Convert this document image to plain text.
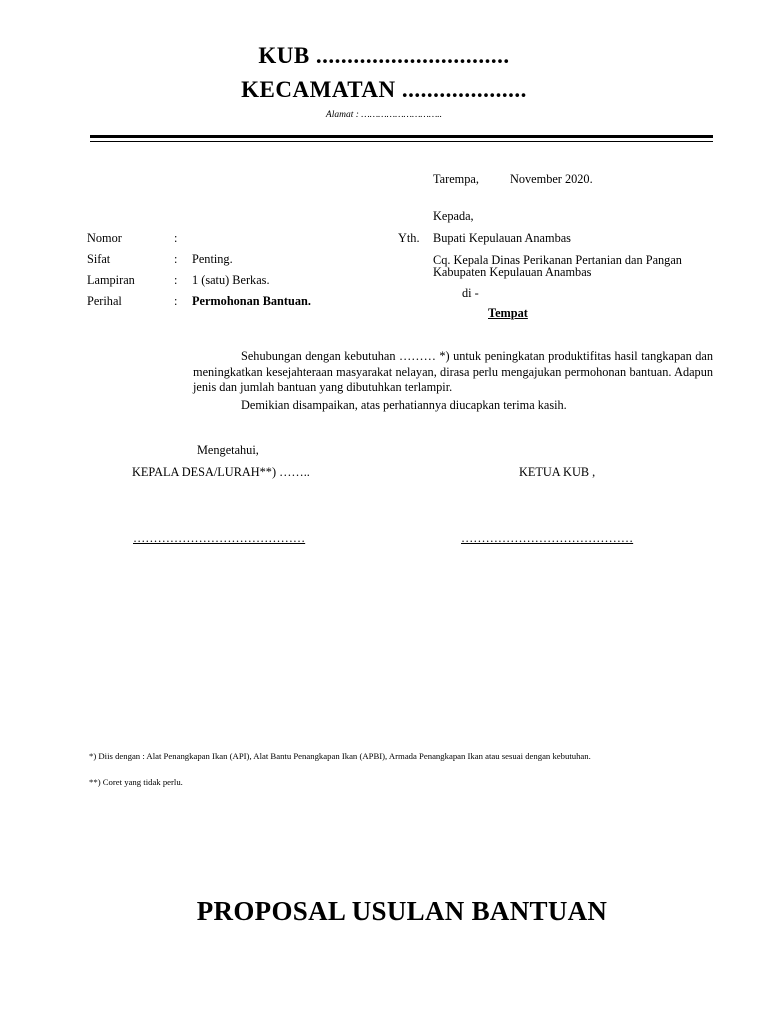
KUB ...............................
KECAMATAN ....................
Alamat : ………………………..
Tarempa,	November 2020.
Kepada,
Yth. Bupati Kepulauan Anambas
Cq. Kepala Dinas Perikanan Pertanian dan Pangan
Kabupaten Kepulauan Anambas
di -
Tempat
Nomor	:
Sifat	: Penting.
Lampiran	: 1 (satu) Berkas.
Perihal	: Permohonan Bantuan.
Sehubungan dengan kebutuhan ……… *) untuk peningkatan produktifitas hasil tangkapan dan meningkatkan kesejahteraan masyarakat nelayan, dirasa perlu mengajukan permohonan bantuan. Adapun jenis dan jumlah bantuan yang dibutuhkan terlampir.
Demikian disampaikan, atas perhatiannya diucapkan terima kasih.
Mengetahui,
KEPALA DESA/LURAH**) ……..	KETUA KUB ,
……………………………………	……………………………………
*) Diis dengan : Alat Penangkapan Ikan (API), Alat Bantu Penangkapan Ikan (APBI), Armada Penangkapan Ikan atau sesuai dengan kebutuhan.
**) Coret yang tidak perlu.
PROPOSAL USULAN BANTUAN
